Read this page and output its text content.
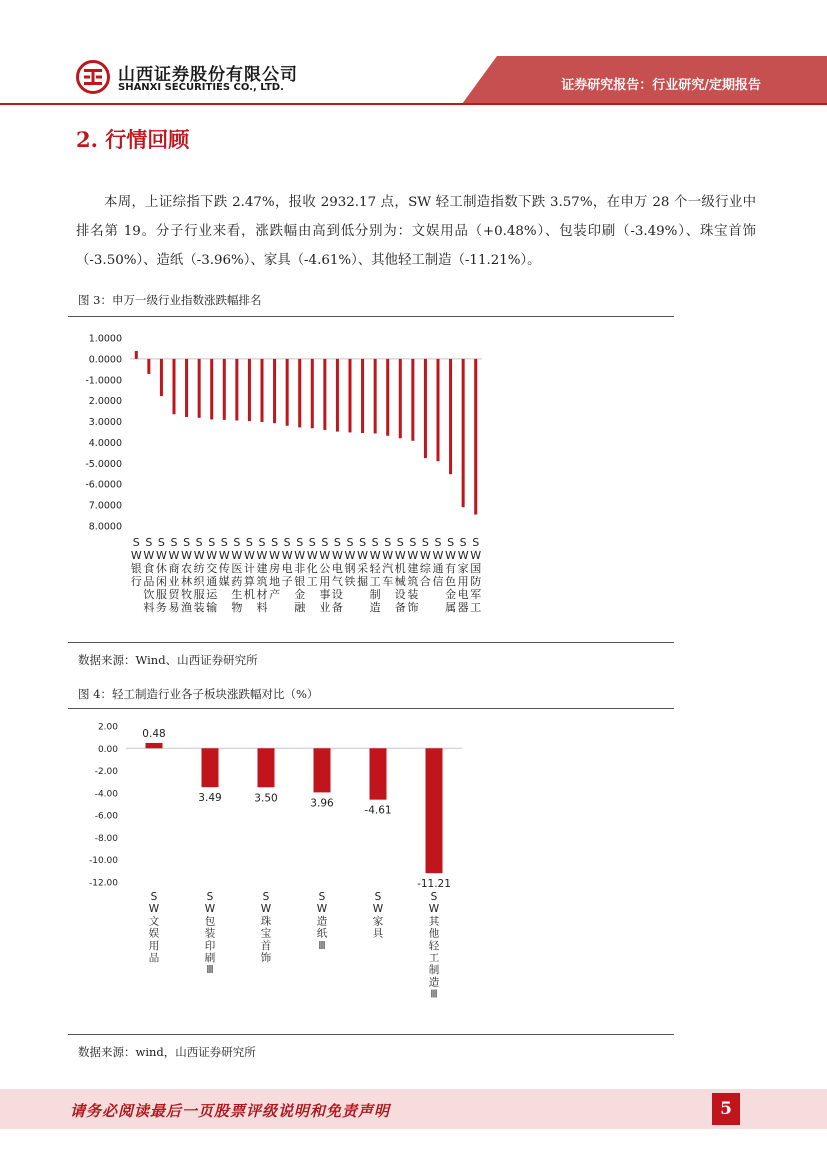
山西证券股份有限公司
SHANXI SECURITIES CO., LTD.	证券研究报告：行业研究/定期报告
2. 行情回顾
本周，上证综指下跌 2.47%，报收 2932.17 点，SW 轻工制造指数下跌 3.57%，在申万 28 个一级行业中排名第 19。分子行业来看，涨跌幅由高到低分别为：文娱用品（+0.48%）、包装印刷（-3.49%）、珠宝首饰（-3.50%）、造纸（-3.96%）、家具（-4.61%）、其他轻工制造（-11.21%）。
图 3：申万一级行业指数涨跌幅排名
1.0000
0.0000
-1.0000
2.0000
3.0000
4.0000
-5.0000
-6.0000
7.0000
8.0000
S W 银行
S W 食品饮料
S W 休闲服务
S W 商业贸易
S W 农林牧渔
S W 纺织服装
S W 交通运输
S W 传媒
S W 医药生物
S W 计算机
S W 建筑材料
S W 房地产
S W 电子
S W 非银金融
S W 化工
S W 公用事业
S W 电气设备
S W 钢铁
S W 采掘
S W 轻工制造
S W 汽车
S W 机械设备
S W 建筑装饰
S W 综合
S W 通信
S W 有色金属
S W 家用电器
S W 国防军工
数据来源：Wind、山西证券研究所
图 4：轻工制造行业各子板块涨跌幅对比（%）
2.00
0.00
-2.00
-4.00
-6.00
-8.00
-10.00
-12.00
S W 文娱用品
0.48
S W 包装印刷 Ⅲ
3.49
S W 珠宝首饰
3.50
S W 造纸 Ⅲ
3.96
S W 家具
-4.61
S W 其他轻工制造 Ⅲ
-11.21
数据来源：wind，山西证券研究所
请务必阅读最后一页股票评级说明和免责声明	5
